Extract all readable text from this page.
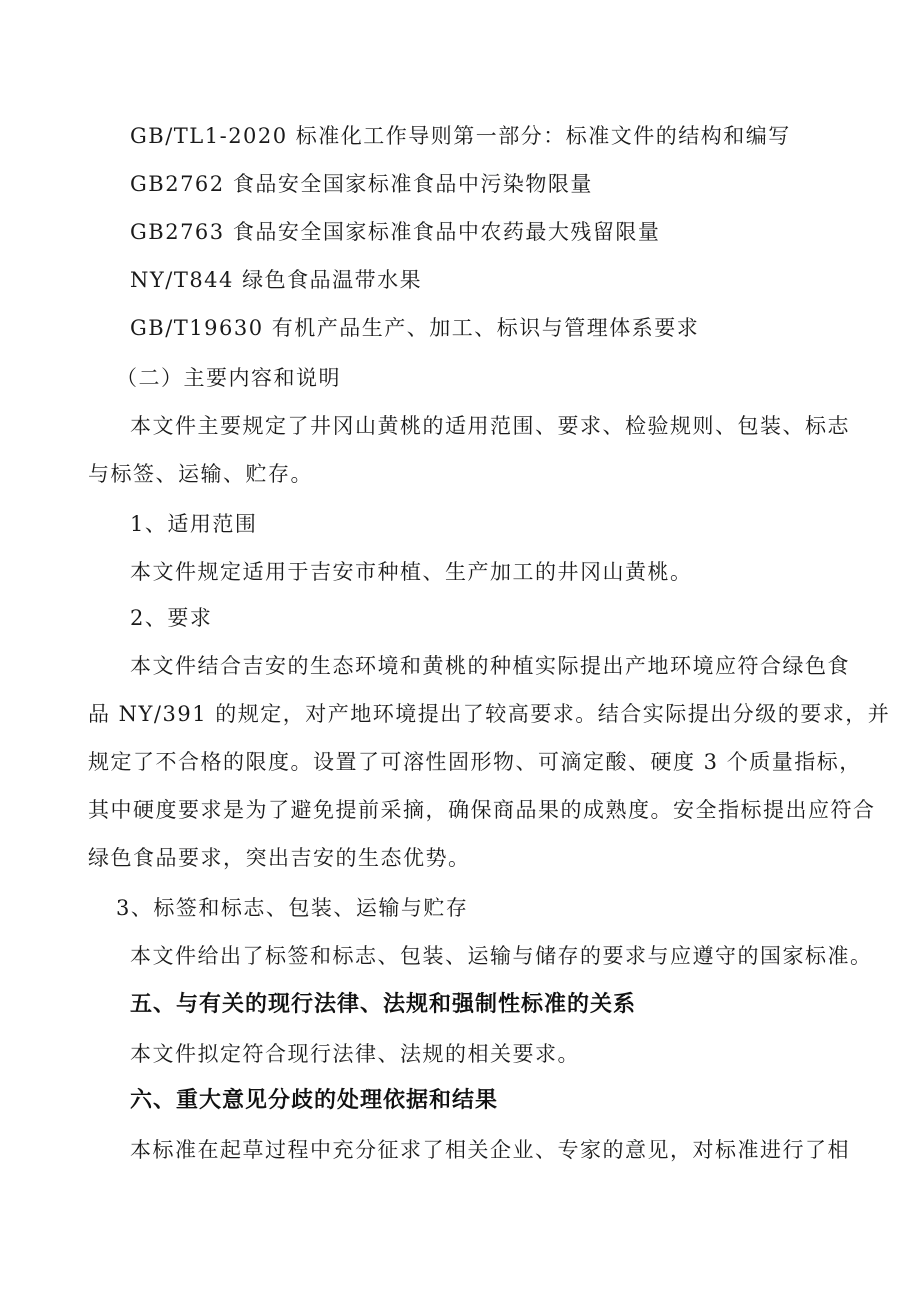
GB/TL1-2020 标准化工作导则第一部分：标准文件的结构和编写
GB2762 食品安全国家标准食品中污染物限量
GB2763 食品安全国家标准食品中农药最大残留限量
NY/T844 绿色食品温带水果
GB/T19630 有机产品生产、加工、标识与管理体系要求
（二）主要内容和说明
本文件主要规定了井冈山黄桃的适用范围、要求、检验规则、包装、标志
与标签、运输、贮存。
1、适用范围
本文件规定适用于吉安市种植、生产加工的井冈山黄桃。
2、要求
本文件结合吉安的生态环境和黄桃的种植实际提出产地环境应符合绿色食
品 NY/391 的规定，对产地环境提出了较高要求。结合实际提出分级的要求，并
规定了不合格的限度。设置了可溶性固形物、可滴定酸、硬度 3 个质量指标，
其中硬度要求是为了避免提前采摘，确保商品果的成熟度。安全指标提出应符合
绿色食品要求，突出吉安的生态优势。
3、标签和标志、包装、运输与贮存
本文件给出了标签和标志、包装、运输与储存的要求与应遵守的国家标准。
五、与有关的现行法律、法规和强制性标准的关系
本文件拟定符合现行法律、法规的相关要求。
六、重大意见分歧的处理依据和结果
本标准在起草过程中充分征求了相关企业、专家的意见，对标准进行了相
